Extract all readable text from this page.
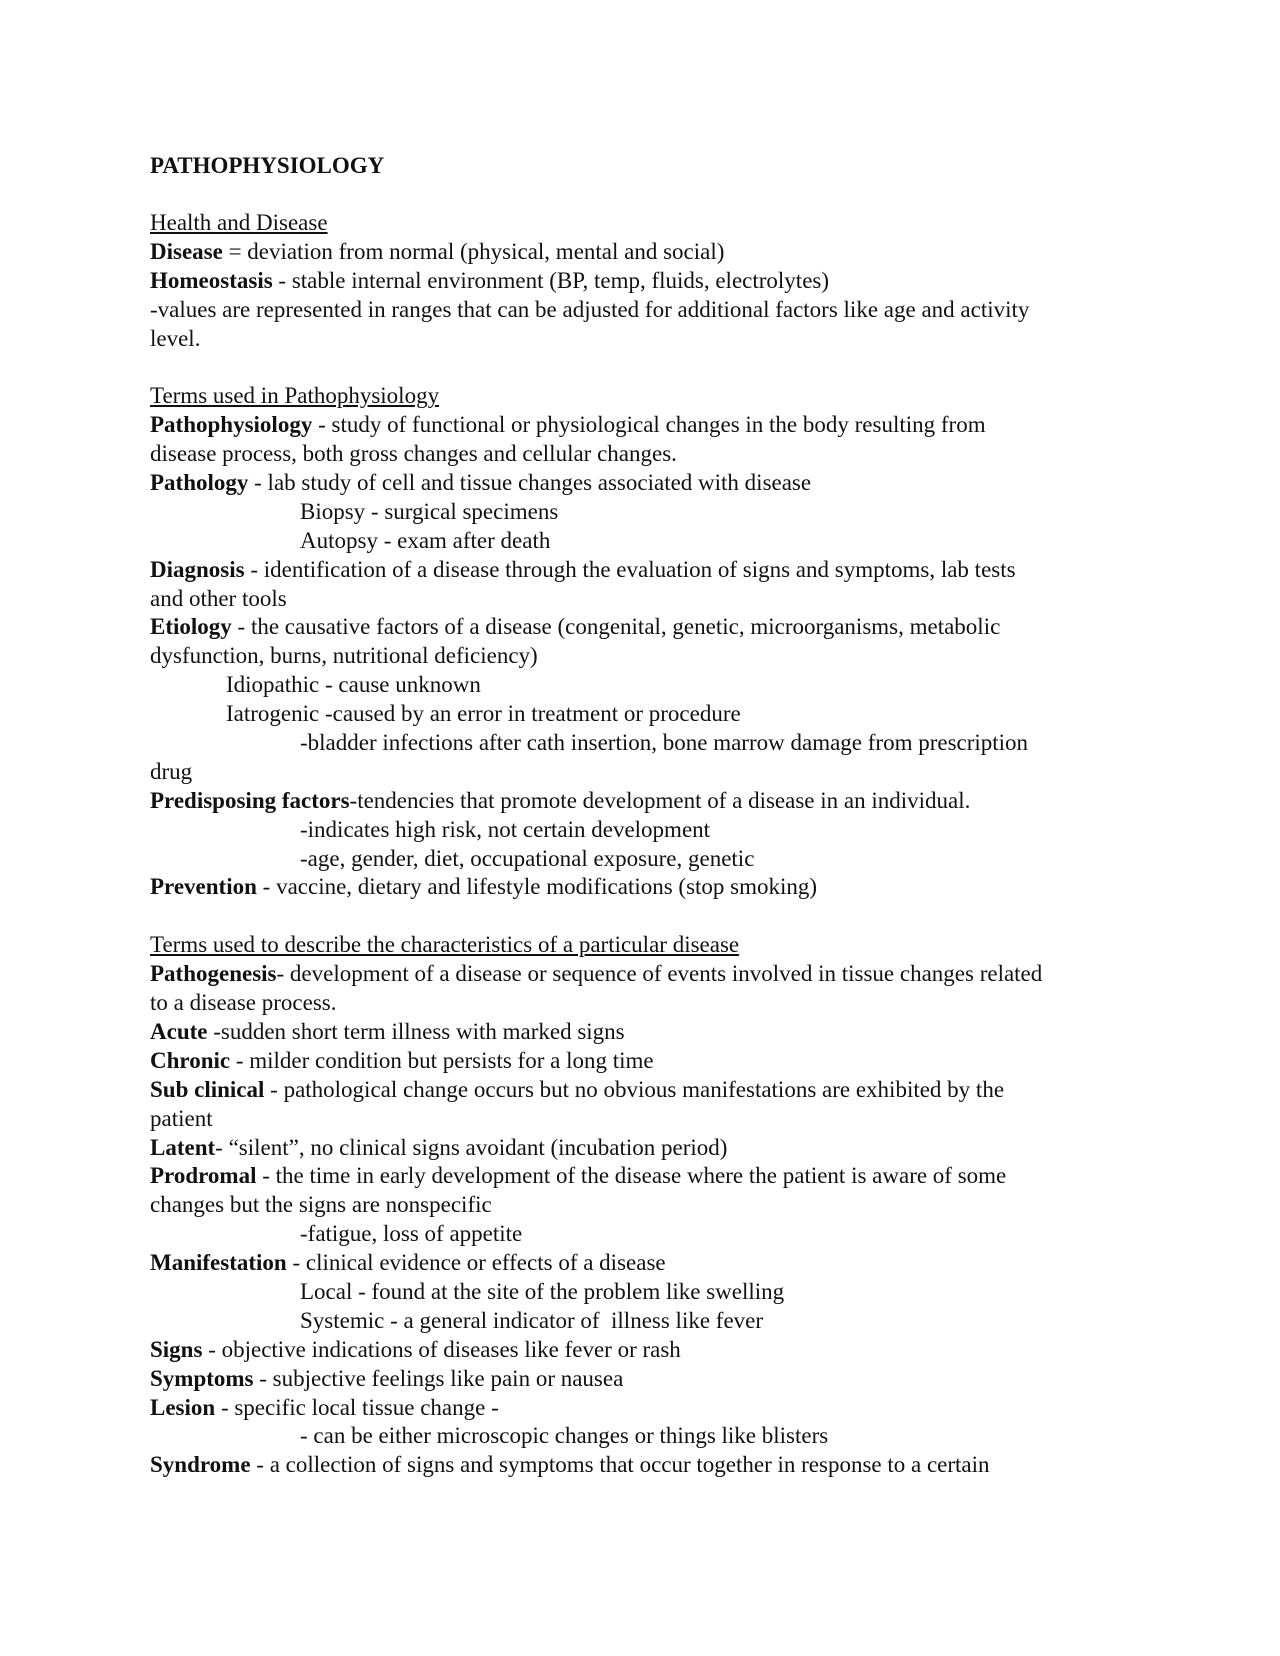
PATHOPHYSIOLOGY
Health and Disease
Disease = deviation from normal (physical, mental and social)
Homeostasis - stable internal environment (BP, temp, fluids, electrolytes)
-values are represented in ranges that can be adjusted for additional factors like age and activity
level.
Terms used in Pathophysiology
Pathophysiology - study of functional or physiological changes in the body resulting from
disease process, both gross changes and cellular changes.
Pathology - lab study of cell and tissue changes associated with disease
Biopsy - surgical specimens
Autopsy - exam after death
Diagnosis - identification of a disease through the evaluation of signs and symptoms, lab tests
and other tools
Etiology - the causative factors of a disease (congenital, genetic, microorganisms, metabolic
dysfunction, burns, nutritional deficiency)
Idiopathic - cause unknown
Iatrogenic -caused by an error in treatment or procedure
-bladder infections after cath insertion, bone marrow damage from prescription
drug
Predisposing factors-tendencies that promote development of a disease in an individual.
-indicates high risk, not certain development
-age, gender, diet, occupational exposure, genetic
Prevention - vaccine, dietary and lifestyle modifications (stop smoking)
Terms used to describe the characteristics of a particular disease
Pathogenesis- development of a disease or sequence of events involved in tissue changes related
to a disease process.
Acute -sudden short term illness with marked signs
Chronic - milder condition but persists for a long time
Sub clinical - pathological change occurs but no obvious manifestations are exhibited by the
patient
Latent- “silent”, no clinical signs avoidant (incubation period)
Prodromal - the time in early development of the disease where the patient is aware of some
changes but the signs are nonspecific
-fatigue, loss of appetite
Manifestation - clinical evidence or effects of a disease
Local - found at the site of the problem like swelling
Systemic - a general indicator of  illness like fever
Signs - objective indications of diseases like fever or rash
Symptoms - subjective feelings like pain or nausea
Lesion - specific local tissue change -
- can be either microscopic changes or things like blisters
Syndrome - a collection of signs and symptoms that occur together in response to a certain
